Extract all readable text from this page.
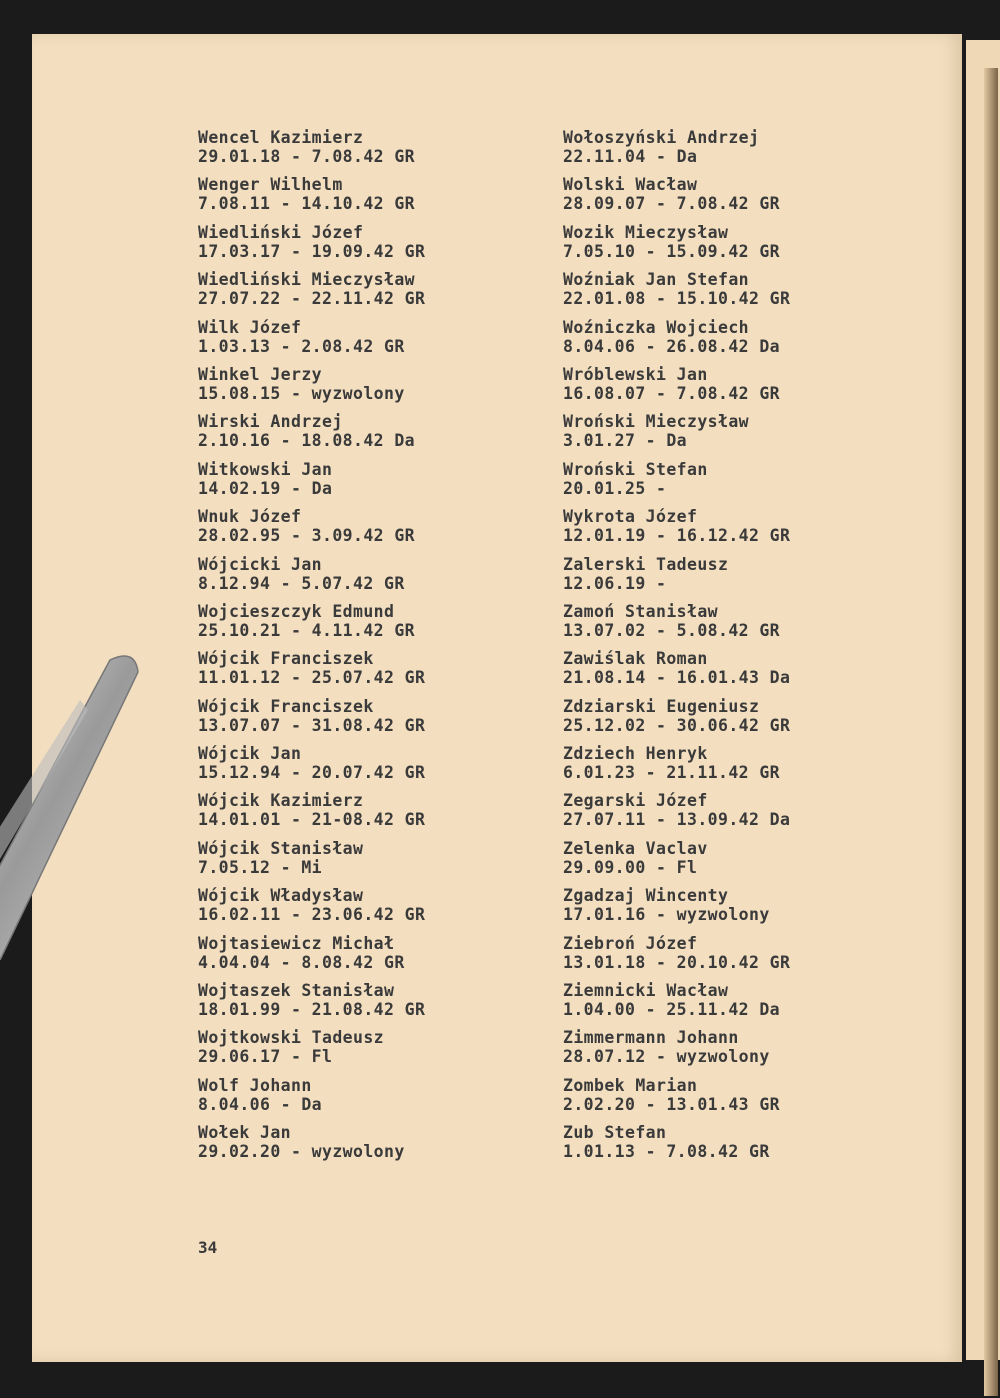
Wencel Kazimierz
29.01.18 - 7.08.42 GR
Wenger Wilhelm
7.08.11 - 14.10.42 GR
Wiedliński Józef
17.03.17 - 19.09.42 GR
Wiedliński Mieczysław
27.07.22 - 22.11.42 GR
Wilk Józef
1.03.13 - 2.08.42 GR
Winkel Jerzy
15.08.15 - wyzwolony
Wirski Andrzej
2.10.16 - 18.08.42 Da
Witkowski Jan
14.02.19 - Da
Wnuk Józef
28.02.95 - 3.09.42 GR
Wójcicki Jan
8.12.94 - 5.07.42 GR
Wojcieszczyk Edmund
25.10.21 - 4.11.42 GR
Wójcik Franciszek
11.01.12 - 25.07.42 GR
Wójcik Franciszek
13.07.07 - 31.08.42 GR
Wójcik Jan
15.12.94 - 20.07.42 GR
Wójcik Kazimierz
14.01.01 - 21-08.42 GR
Wójcik Stanisław
7.05.12 - Mi
Wójcik Władysław
16.02.11 - 23.06.42 GR
Wojtasiewicz Michał
4.04.04 - 8.08.42 GR
Wojtaszek Stanisław
18.01.99 - 21.08.42 GR
Wojtkowski Tadeusz
29.06.17 - Fl
Wolf Johann
8.04.06 - Da
Wołek Jan
29.02.20 - wyzwolony
Wołoszyński Andrzej
22.11.04 - Da
Wolski Wacław
28.09.07 - 7.08.42 GR
Wozik Mieczysław
7.05.10 - 15.09.42 GR
Woźniak Jan Stefan
22.01.08 - 15.10.42 GR
Woźniczka Wojciech
8.04.06 - 26.08.42 Da
Wróblewski Jan
16.08.07 - 7.08.42 GR
Wroński Mieczysław
3.01.27 - Da
Wroński Stefan
20.01.25 -
Wykrota Józef
12.01.19 - 16.12.42 GR
Zalerski Tadeusz
12.06.19 -
Zamoń Stanisław
13.07.02 - 5.08.42 GR
Zawiślak Roman
21.08.14 - 16.01.43 Da
Zdziarski Eugeniusz
25.12.02 - 30.06.42 GR
Zdziech Henryk
6.01.23 - 21.11.42 GR
Zegarski Józef
27.07.11 - 13.09.42 Da
Zelenka Vaclav
29.09.00 - Fl
Zgadzaj Wincenty
17.01.16 - wyzwolony
Ziebroń Józef
13.01.18 - 20.10.42 GR
Ziemnicki Wacław
1.04.00 - 25.11.42 Da
Zimmermann Johann
28.07.12 - wyzwolony
Zombek Marian
2.02.20 - 13.01.43 GR
Zub Stefan
1.01.13 - 7.08.42 GR
34
